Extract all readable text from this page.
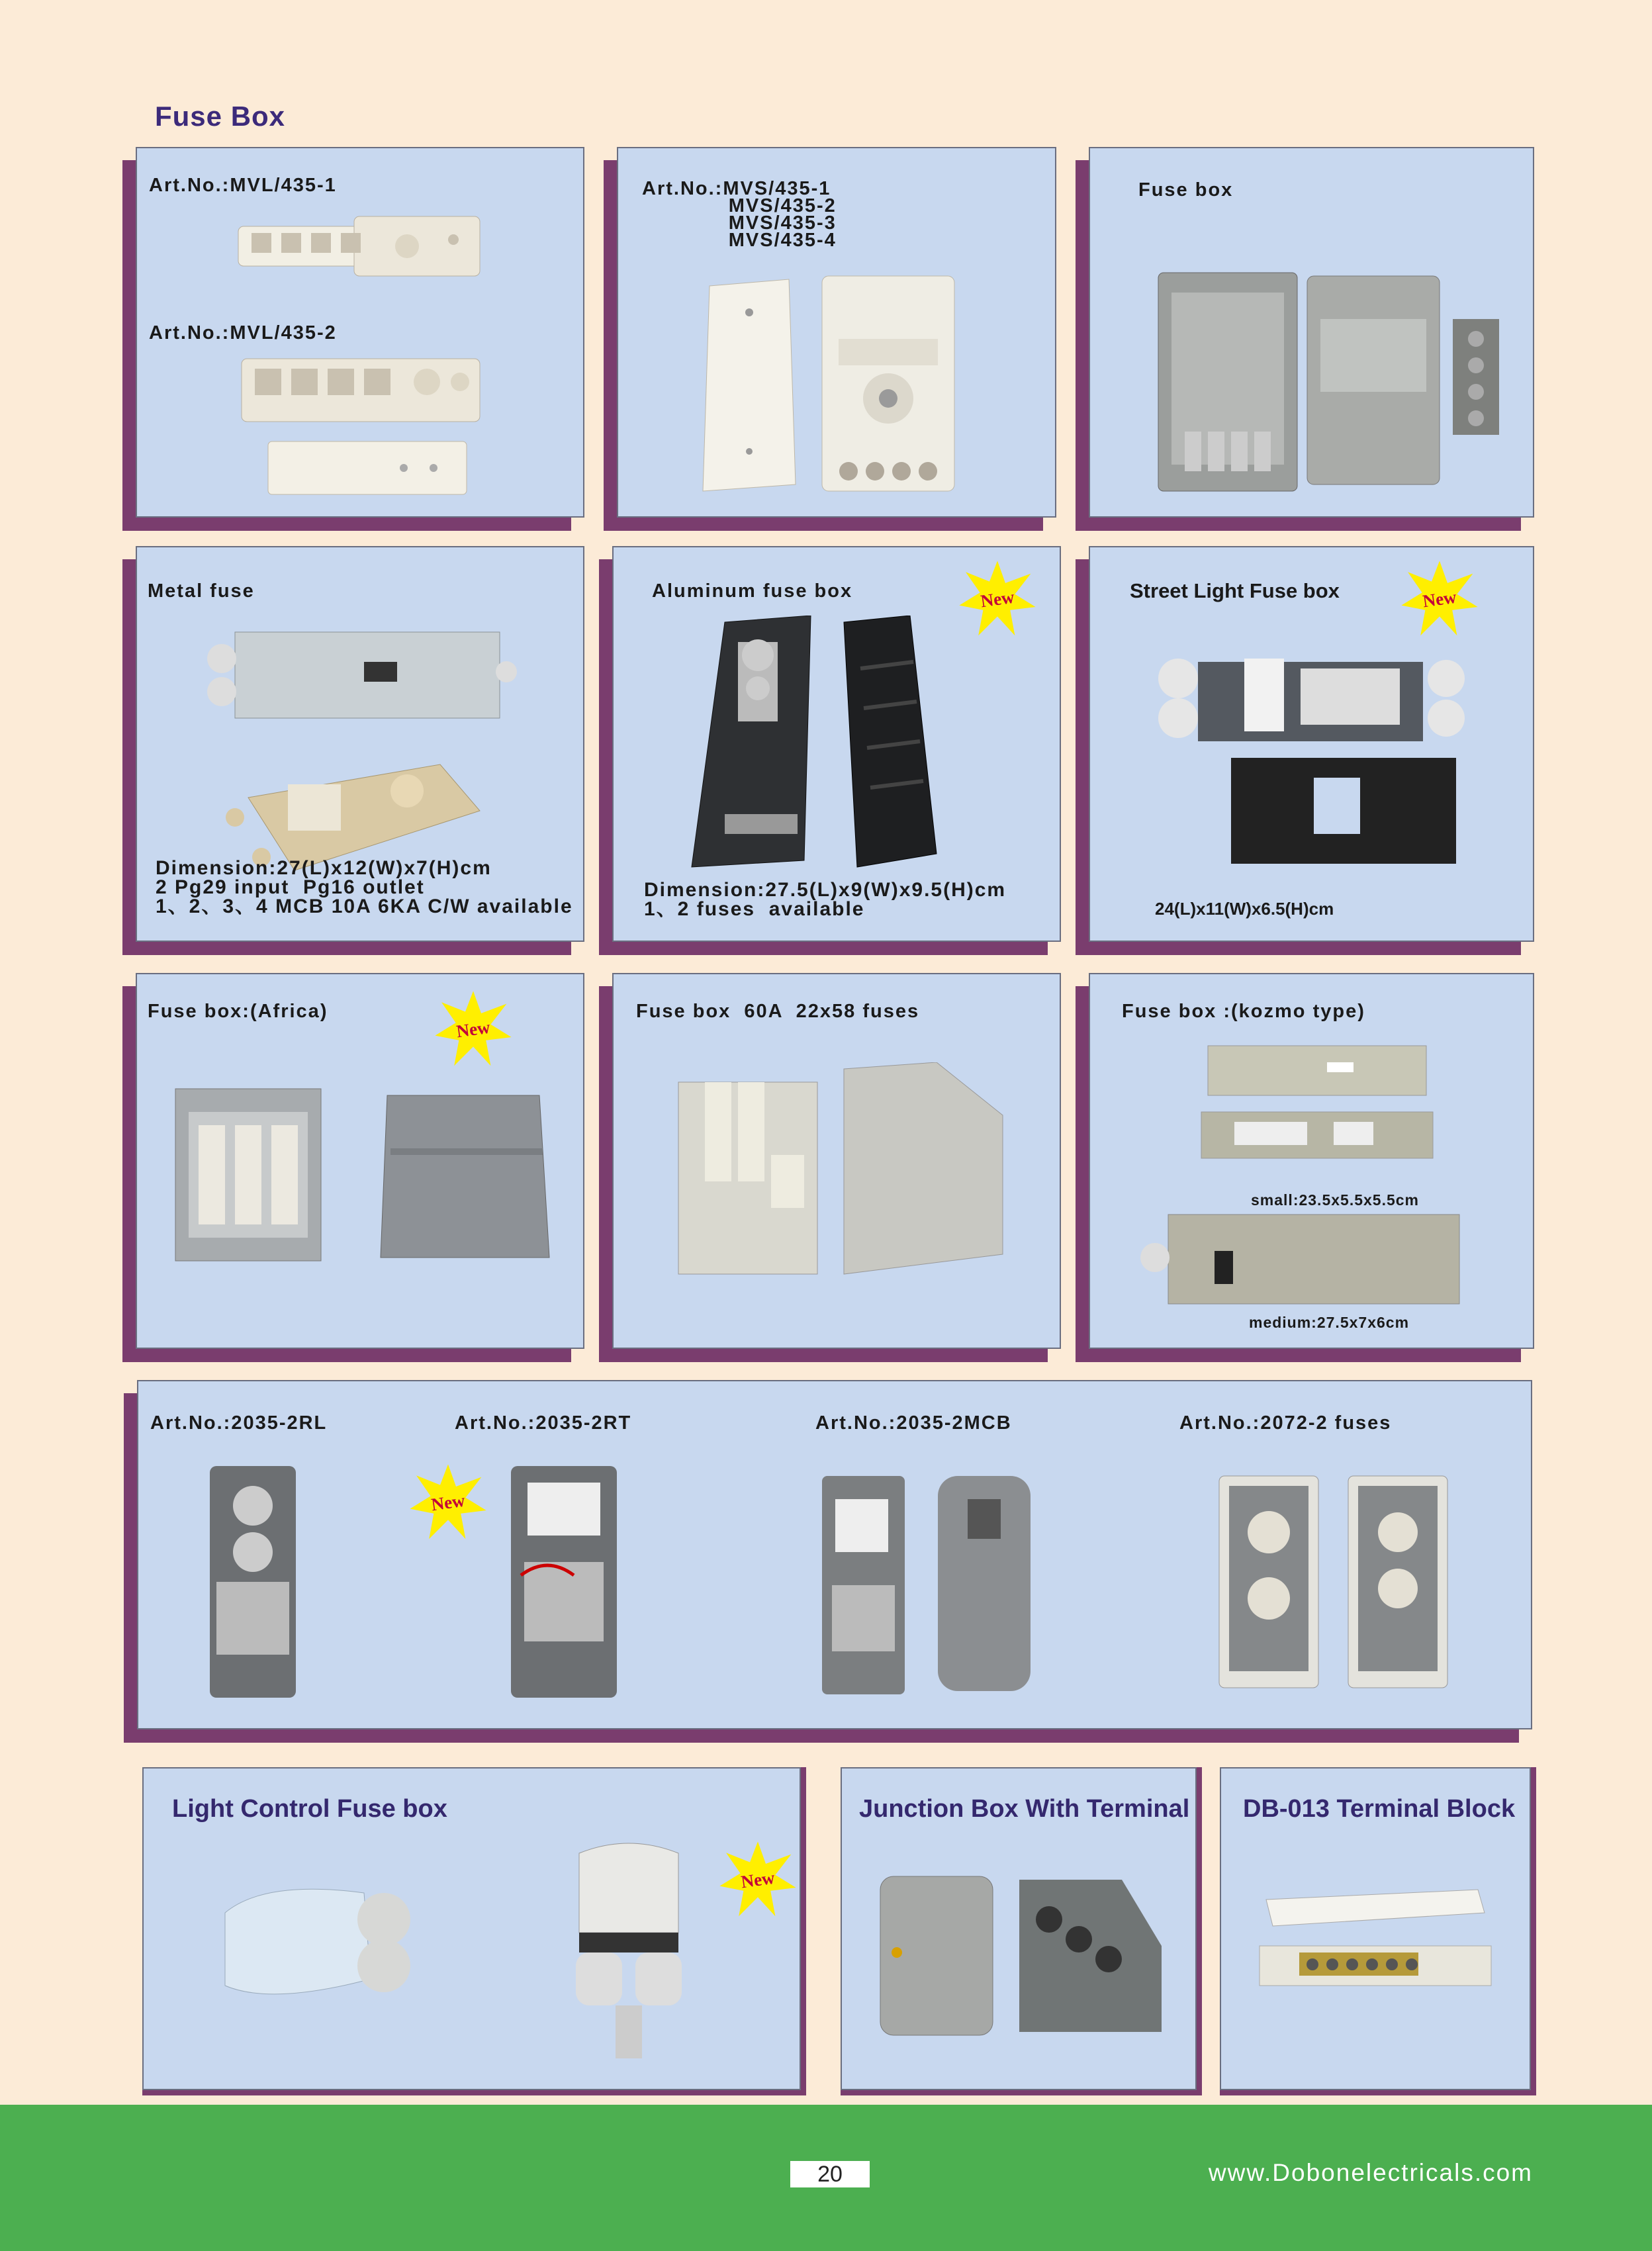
Fuse Box
Art.No.:MVL/435-1
Art.No.:MVL/435-2
Art.No.:MVS/435-1
MVS/435-2
MVS/435-3
MVS/435-4
Fuse box
Metal fuse
Dimension:27(L)x12(W)x7(H)cm
2 Pg29 input  Pg16 outlet
1、2、3、4 MCB 10A 6KA C/W available
Aluminum fuse box
Dimension:27.5(L)x9(W)x9.5(H)cm
1、2 fuses  available
New	Street Light Fuse box
24(L)x11(W)x6.5(H)cm
New
Fuse box:(Africa)
New
Fuse box  60A  22x58 fuses	Fuse box :(kozmo type)
small:23.5x5.5x5.5cm
medium:27.5x7x6cm
Art.No.:2035-2RL	Art.No.:2035-2RT	Art.No.:2035-2MCB	Art.No.:2072-2 fuses
New
Light Control Fuse box
New
Junction Box With Terminal DB-013 Terminal Block
20	www.Dobonelectricals.com
